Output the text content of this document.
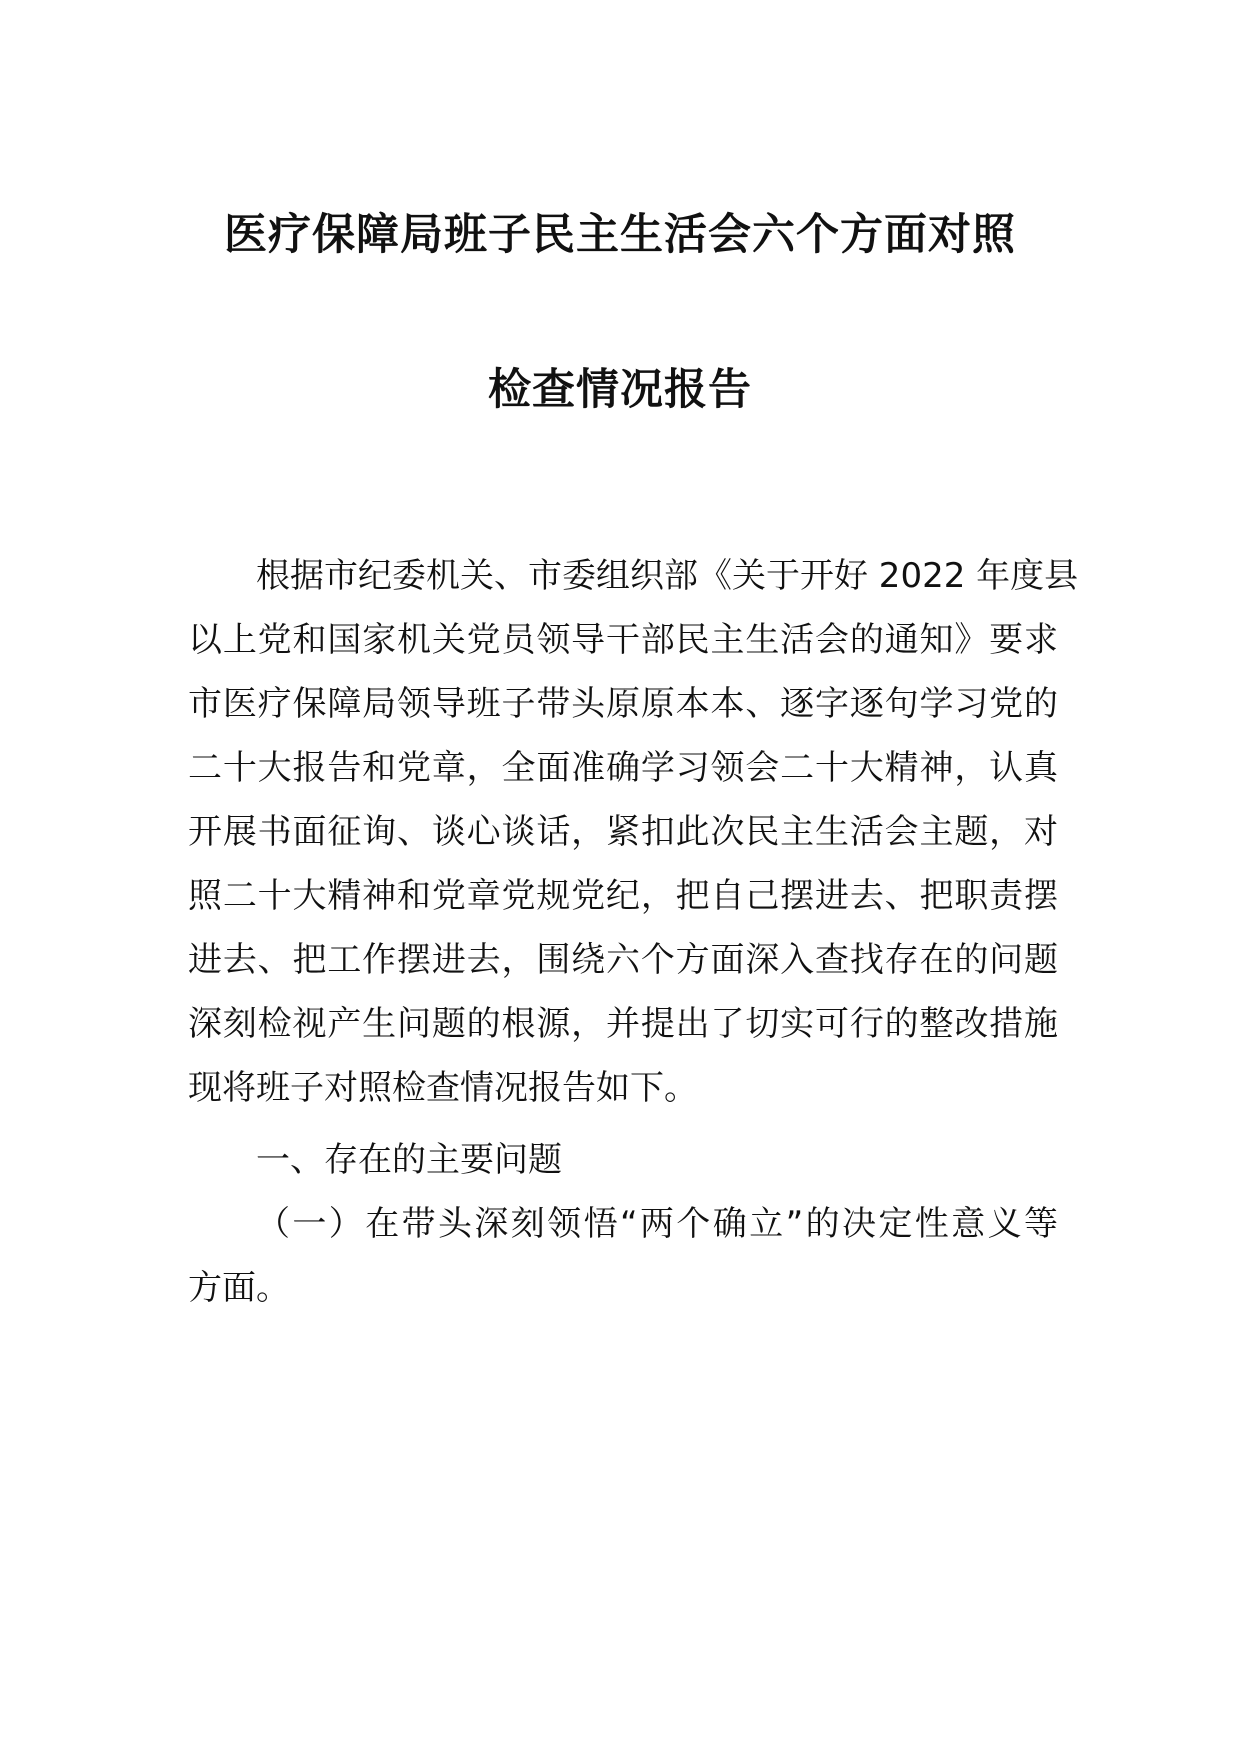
医疗保障局班子民主生活会六个方面对照
检查情况报告
根据市纪委机关、市委组织部《关于开好 2022 年度县
以上党和国家机关党员领导干部民主生活会的通知》要求
市医疗保障局领导班子带头原原本本、逐字逐句学习党的
二十大报告和党章，全面准确学习领会二十大精神，认真
开展书面征询、谈心谈话，紧扣此次民主生活会主题，对
照二十大精神和党章党规党纪，把自己摆进去、把职责摆
进去、把工作摆进去，围绕六个方面深入查找存在的问题
深刻检视产生问题的根源，并提出了切实可行的整改措施
现将班子对照检查情况报告如下。
一、存在的主要问题
（一）在带头深刻领悟“两个确立”的决定性意义等
方面。
